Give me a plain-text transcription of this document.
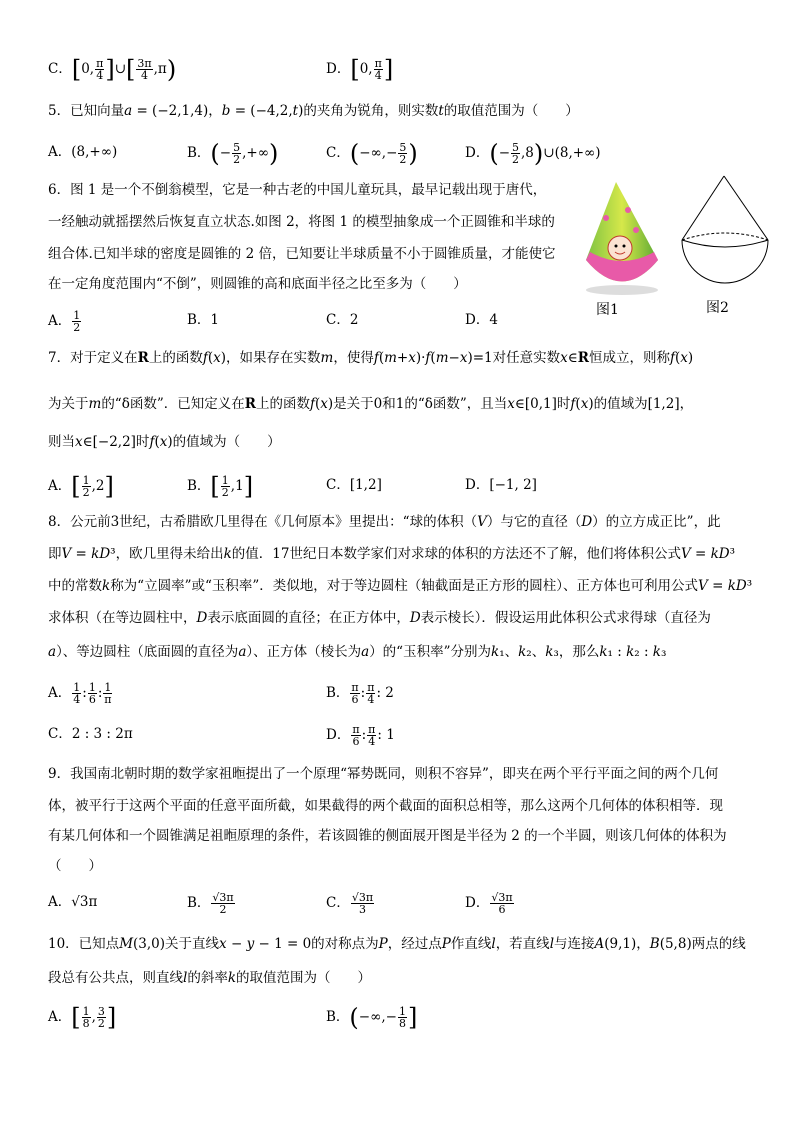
C．[0, $\frac{\pi}{4}$ ]∪[ $\frac{3\pi}{4} ,\pi$)	D．[0, $\frac{\pi}{4}$ ]
5．已知向量a = (−2,1,4)，b = (−4,2,t)的夹角为锐角，则实数t的取值范围为（　　）
A．(8,+∞)	B．(− $\frac{5}{2}$ ,+∞)	C．(−∞,− $\frac{5}{2}$ )	D．(− $\frac{5}{2}$ ,8)∪(8,+∞)
6．图 1 是一个不倒翁模型，它是一种古老的中国儿童玩具，最早记载出现于唐代，
一经触动就摇摆然后恢复直立状态.如图 2，将图 1 的模型抽象成一个正圆锥和半球的
组合体.已知半球的密度是圆锥的 2 倍，已知要让半球质量不小于圆锥质量，才能使它
在一定角度范围内“不倒”，则圆锥的高和底面半径之比至多为（　　）
A． $\frac{1}{2}$	B．1	C．2	D．4
图1	图2
7．对于定义在R上的函数f(x)，如果存在实数m，使得f(m+x)·f(m−x)=1对任意实数x∈R恒成立，则称f(x)
为关于m的“δ函数”．已知定义在R上的函数f(x)是关于0和1的“δ函数”，且当x∈[0,1]时f(x)的值域为[1,2]，
则当x∈[−2,2]时f(x)的值域为（　　）
A．[ $\frac{1}{2} ,2$]	B．[ $\frac{1}{2} ,1$]	C．[1,2]	D．[−1, 2]
8．公元前3世纪，古希腊欧几里得在《几何原本》里提出：“球的体积（V）与它的直径（D）的立方成正比”，此
即V = kD³，欧几里得未给出k的值．17世纪日本数学家们对求球的体积的方法还不了解，他们将体积公式V = kD³
中的常数k称为“立圆率”或“玉积率”．类似地，对于等边圆柱（轴截面是正方形的圆柱）、正方体也可利用公式V = kD³
求体积（在等边圆柱中，D表示底面圆的直径；在正方体中，D表示棱长）．假设运用此体积公式求得球（直径为
a）、等边圆柱（底面圆的直径为a）、正方体（棱长为a）的“玉积率”分别为k₁、k₂、k₃，那么k₁ : k₂ : k₃
A． $\frac{1}{4}$ : $\frac{1}{6}$ : $\frac{1}{\pi}$	B． $\frac{\pi}{6}$ : $\frac{\pi}{4}$ : 2
C．2 : 3 : 2π	D． $\frac{\pi}{6}$ : $\frac{\pi}{4}$ : 1
9．我国南北朝时期的数学家祖暅提出了一个原理“幂势既同，则积不容异”，即夹在两个平行平面之间的两个几何
体，被平行于这两个平面的任意平面所截，如果截得的两个截面的面积总相等，那么这两个几何体的体积相等．现
有某几何体和一个圆锥满足祖暅原理的条件，若该圆锥的侧面展开图是半径为 2 的一个半圆，则该几何体的体积为
（　　）
A．√3π	B． $\frac{√3\pi}{2}$	C． $\frac{√3\pi}{3}$	D． $\frac{√3\pi}{6}$
10．已知点M(3,0)关于直线x − y − 1 = 0的对称点为P，经过点P作直线l，若直线l与连接A(9,1)，B(5,8)两点的线
段总有公共点，则直线l的斜率k的取值范围为（　　）
A．[ $\frac{1}{8}$ , $\frac{3}{2}$ ]	B．(−∞,− $\frac{1}{8}$ ]
